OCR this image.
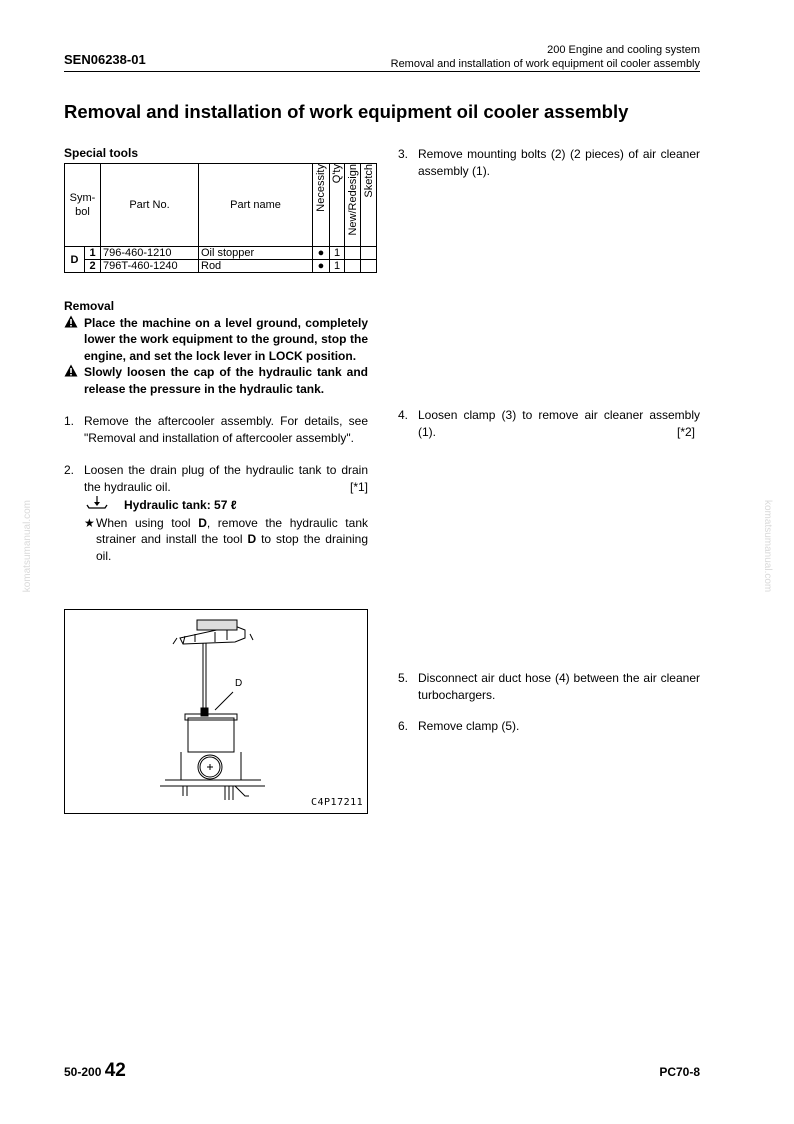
SEN06238-01
200 Engine and cooling system
Removal and installation of work equipment oil cooler assembly
Removal and installation of work equipment oil cooler assembly
Special tools
Sym-bol		Part No.	Part name	Necessity	Q'ty	New/Redesign	Sketch

D	1	796-460-1210	Oil stopper	●	1		
	2	796T-460-1240	Rod	●	1		
Removal
Place the machine on a level ground, completely lower the work equipment to the ground, stop the engine, and set the lock lever in LOCK position.
Slowly loosen the cap of the hydraulic tank and release the pressure in the hydraulic tank.
1. Remove the aftercooler assembly. For details, see "Removal and installation of aftercooler assembly".
2. Loosen the drain plug of the hydraulic tank to drain the hydraulic oil.	[*1]
Hydraulic tank: 57 ℓ
★ When using tool D, remove the hydraulic tank strainer and install the tool D to stop the draining oil.
D
C4P17211
3. Remove mounting bolts (2) (2 pieces) of air cleaner assembly (1).
4. Loosen clamp (3) to remove air cleaner assembly (1).	[*2]
5. Disconnect air duct hose (4) between the air cleaner turbochargers.
6. Remove clamp (5).
komatsumanual.com	komatsumanual.com
50-200 42	PC70-8
